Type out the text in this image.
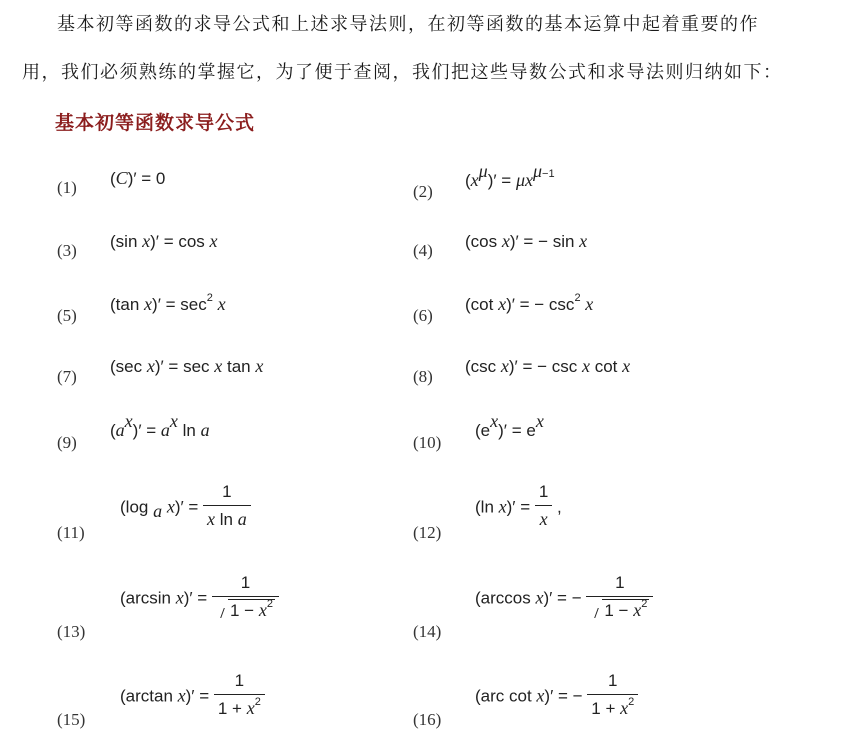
基本初等函数的求导公式和上述求导法则，在初等函数的基本运算中起着重要的作
用，我们必须熟练的掌握它，为了便于查阅，我们把这些导数公式和求导法则归纳如下：
基本初等函数求导公式
(1) (C)′ = 0
(2)
$(x^\mu)' = \mu x^{\mu-1}$
(3) (sin x)′ = cos x	(4) (cos x)′ = − sin x
(5)
(tan $x)' = \sec^2 x$
(6)
(cot x)′ = − $\csc^2 x$
(7)
(sec x)′ = sec x tan x
(8)
(csc x)′ = − csc x cot x
(9)
$(a^x)' = a^x$ ln a
(10)
$(e^x)' = e^x$
(11)
(log $_a$ $x)' = \frac{1}{\text{x ln a}}$
(12)
(ln $x)' = \frac{1}{x}$ ,
(13)
(arcsin $x)' = \frac{1}{1 - x^2}$
(14)
(arccos x)′ = − $\frac{1}{1 - x^2}$
(15)
(arctan $x)' = \frac{1}{1 + x^2}$
(16)
(arc cot x)′ = − $\frac{1}{1 + x^2}$
